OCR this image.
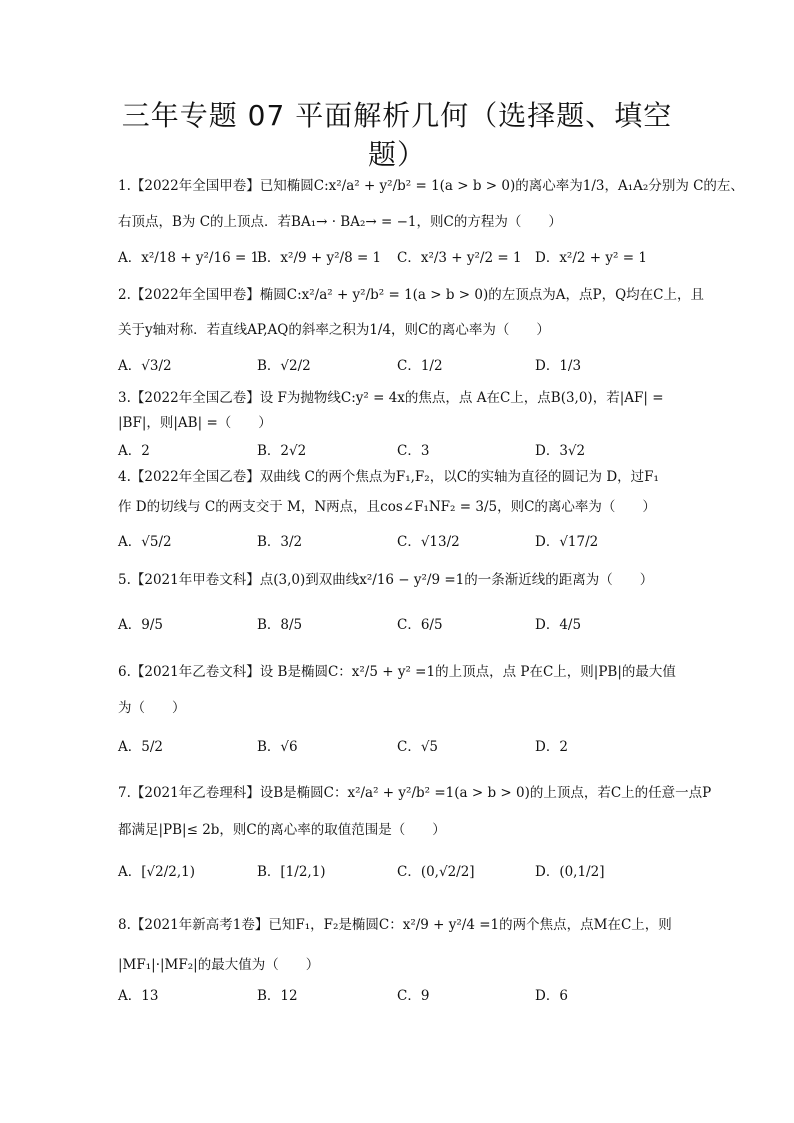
三年专题 07 平面解析几何（选择题、填空
题）
1.【2022年全国甲卷】已知椭圆C:x²/a² + y²/b² = 1(a > b > 0)的离心率为1/3，A₁A₂分别为 C的左、
右顶点，B为 C的上顶点．若BA₁→ · BA₂→ = −1，则C的方程为（　　）
A．x²/18 + y²/16 = 1
B．x²/9 + y²/8 = 1 C．x²/3 + y²/2 = 1 D．x²/2 + y² = 1
2.【2022年全国甲卷】椭圆C:x²/a² + y²/b² = 1(a > b > 0)的左顶点为A，点P，Q均在C上，且
关于y轴对称．若直线AP,AQ的斜率之积为1/4，则C的离心率为（　　）
A．√3/2	B．√2/2	C．1/2	D．1/3
3.【2022年全国乙卷】设 F为抛物线C:y² = 4x的焦点，点 A在C上，点B(3,0)，若|AF| =
|BF|，则|AB| =（　　）
A．2	B．2√2	C．3	D．3√2
4.【2022年全国乙卷】双曲线 C的两个焦点为F₁,F₂，以C的实轴为直径的圆记为 D，过F₁
作 D的切线与 C的两支交于 M，N两点，且cos∠F₁NF₂ = 3/5，则C的离心率为（　　）
A．√5/2	B．3/2	C．√13/2	D．√17/2
5.【2021年甲卷文科】点(3,0)到双曲线x²/16 − y²/9 =1的一条渐近线的距离为（　　）
A．9/5	B．8/5	C．6/5	D．4/5
6.【2021年乙卷文科】设 B是椭圆C：x²/5 + y² =1的上顶点，点 P在C上，则|PB|的最大值
为（　　）
A．5/2	B．√6	C．√5	D．2
7.【2021年乙卷理科】设B是椭圆C：x²/a² + y²/b² =1(a > b > 0)的上顶点，若C上的任意一点P
都满足|PB|≤ 2b，则C的离心率的取值范围是（　　）
A．[√2/2,1)	B．[1/2,1)	C．(0,√2/2]	D．(0,1/2]
8.【2021年新高考1卷】已知F₁，F₂是椭圆C：x²/9 + y²/4 =1的两个焦点，点M在C上，则
|MF₁|·|MF₂|的最大值为（　　）
A．13	B．12	C．9	D．6
